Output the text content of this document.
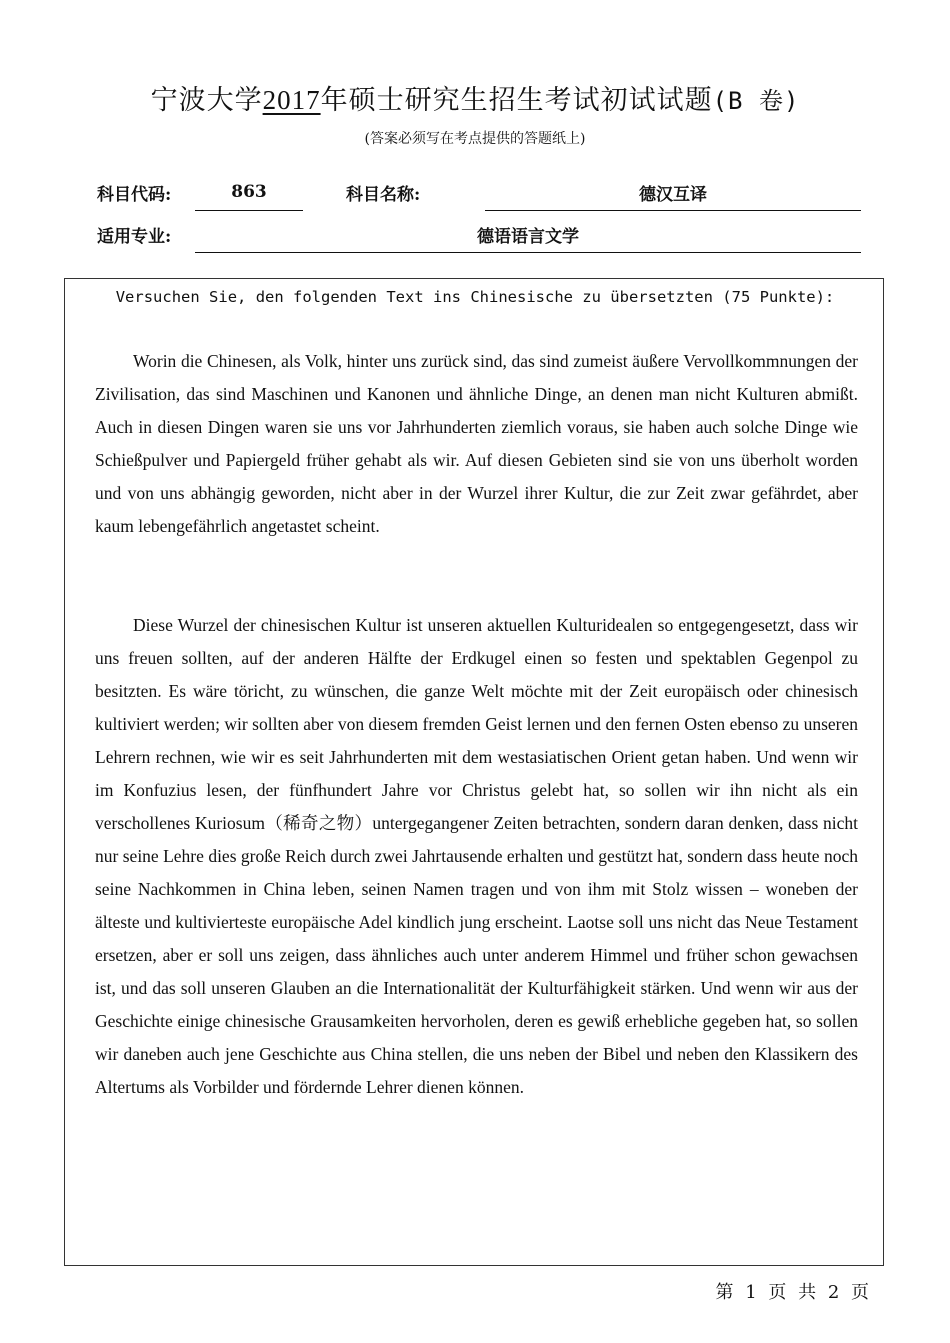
宁波大学2017年硕士研究生招生考试初试试题(B 卷)
(答案必须写在考点提供的答题纸上)
科目代码:	863	科目名称:	德汉互译
适用专业:	德语语言文学
Versuchen Sie, den folgenden Text ins Chinesische zu übersetzten (75 Punkte):

Worin die Chinesen, als Volk, hinter uns zurück sind, das sind zumeist äußere Vervollkommnungen der Zivilisation, das sind Maschinen und Kanonen und ähnliche Dinge, an denen man nicht Kulturen abmißt. Auch in diesen Dingen waren sie uns vor Jahrhunderten ziemlich voraus, sie haben auch solche Dinge wie Schießpulver und Papiergeld früher gehabt als wir. Auf diesen Gebieten sind sie von uns überholt worden und von uns abhängig geworden, nicht aber in der Wurzel ihrer Kultur, die zur Zeit zwar gefährdet, aber kaum lebengefährlich angetastet scheint.

Diese Wurzel der chinesischen Kultur ist unseren aktuellen Kulturidealen so entgegengesetzt, dass wir uns freuen sollten, auf der anderen Hälfte der Erdkugel einen so festen und spektablen Gegenpol zu besitzten. Es wäre töricht, zu wünschen, die ganze Welt möchte mit der Zeit europäisch oder chinesisch kultiviert werden; wir sollten aber von diesem fremden Geist lernen und den fernen Osten ebenso zu unseren Lehrern rechnen, wie wir es seit Jahrhunderten mit dem westasiatischen Orient getan haben. Und wenn wir im Konfuzius lesen, der fünfhundert Jahre vor Christus gelebt hat, so sollen wir ihn nicht als ein verschollenes Kuriosum（稀奇之物）untergegangener Zeiten betrachten, sondern daran denken, dass nicht nur seine Lehre dies große Reich durch zwei Jahrtausende erhalten und gestützt hat, sondern dass heute noch seine Nachkommen in China leben, seinen Namen tragen und von ihm mit Stolz wissen – woneben der älteste und kultivierteste europäische Adel kindlich jung erscheint. Laotse soll uns nicht das Neue Testament ersetzen, aber er soll uns zeigen, dass ähnliches auch unter anderem Himmel und früher schon gewachsen ist, und das soll unseren Glauben an die Internationalität der Kulturfähigkeit stärken. Und wenn wir aus der Geschichte einige chinesische Grausamkeiten hervorholen, deren es gewiß erhebliche gegeben hat, so sollen wir daneben auch jene Geschichte aus China stellen, die uns neben der Bibel und neben den Klassikern des Altertums als Vorbilder und fördernde Lehrer dienen können.

第 1 页 共 2 页
